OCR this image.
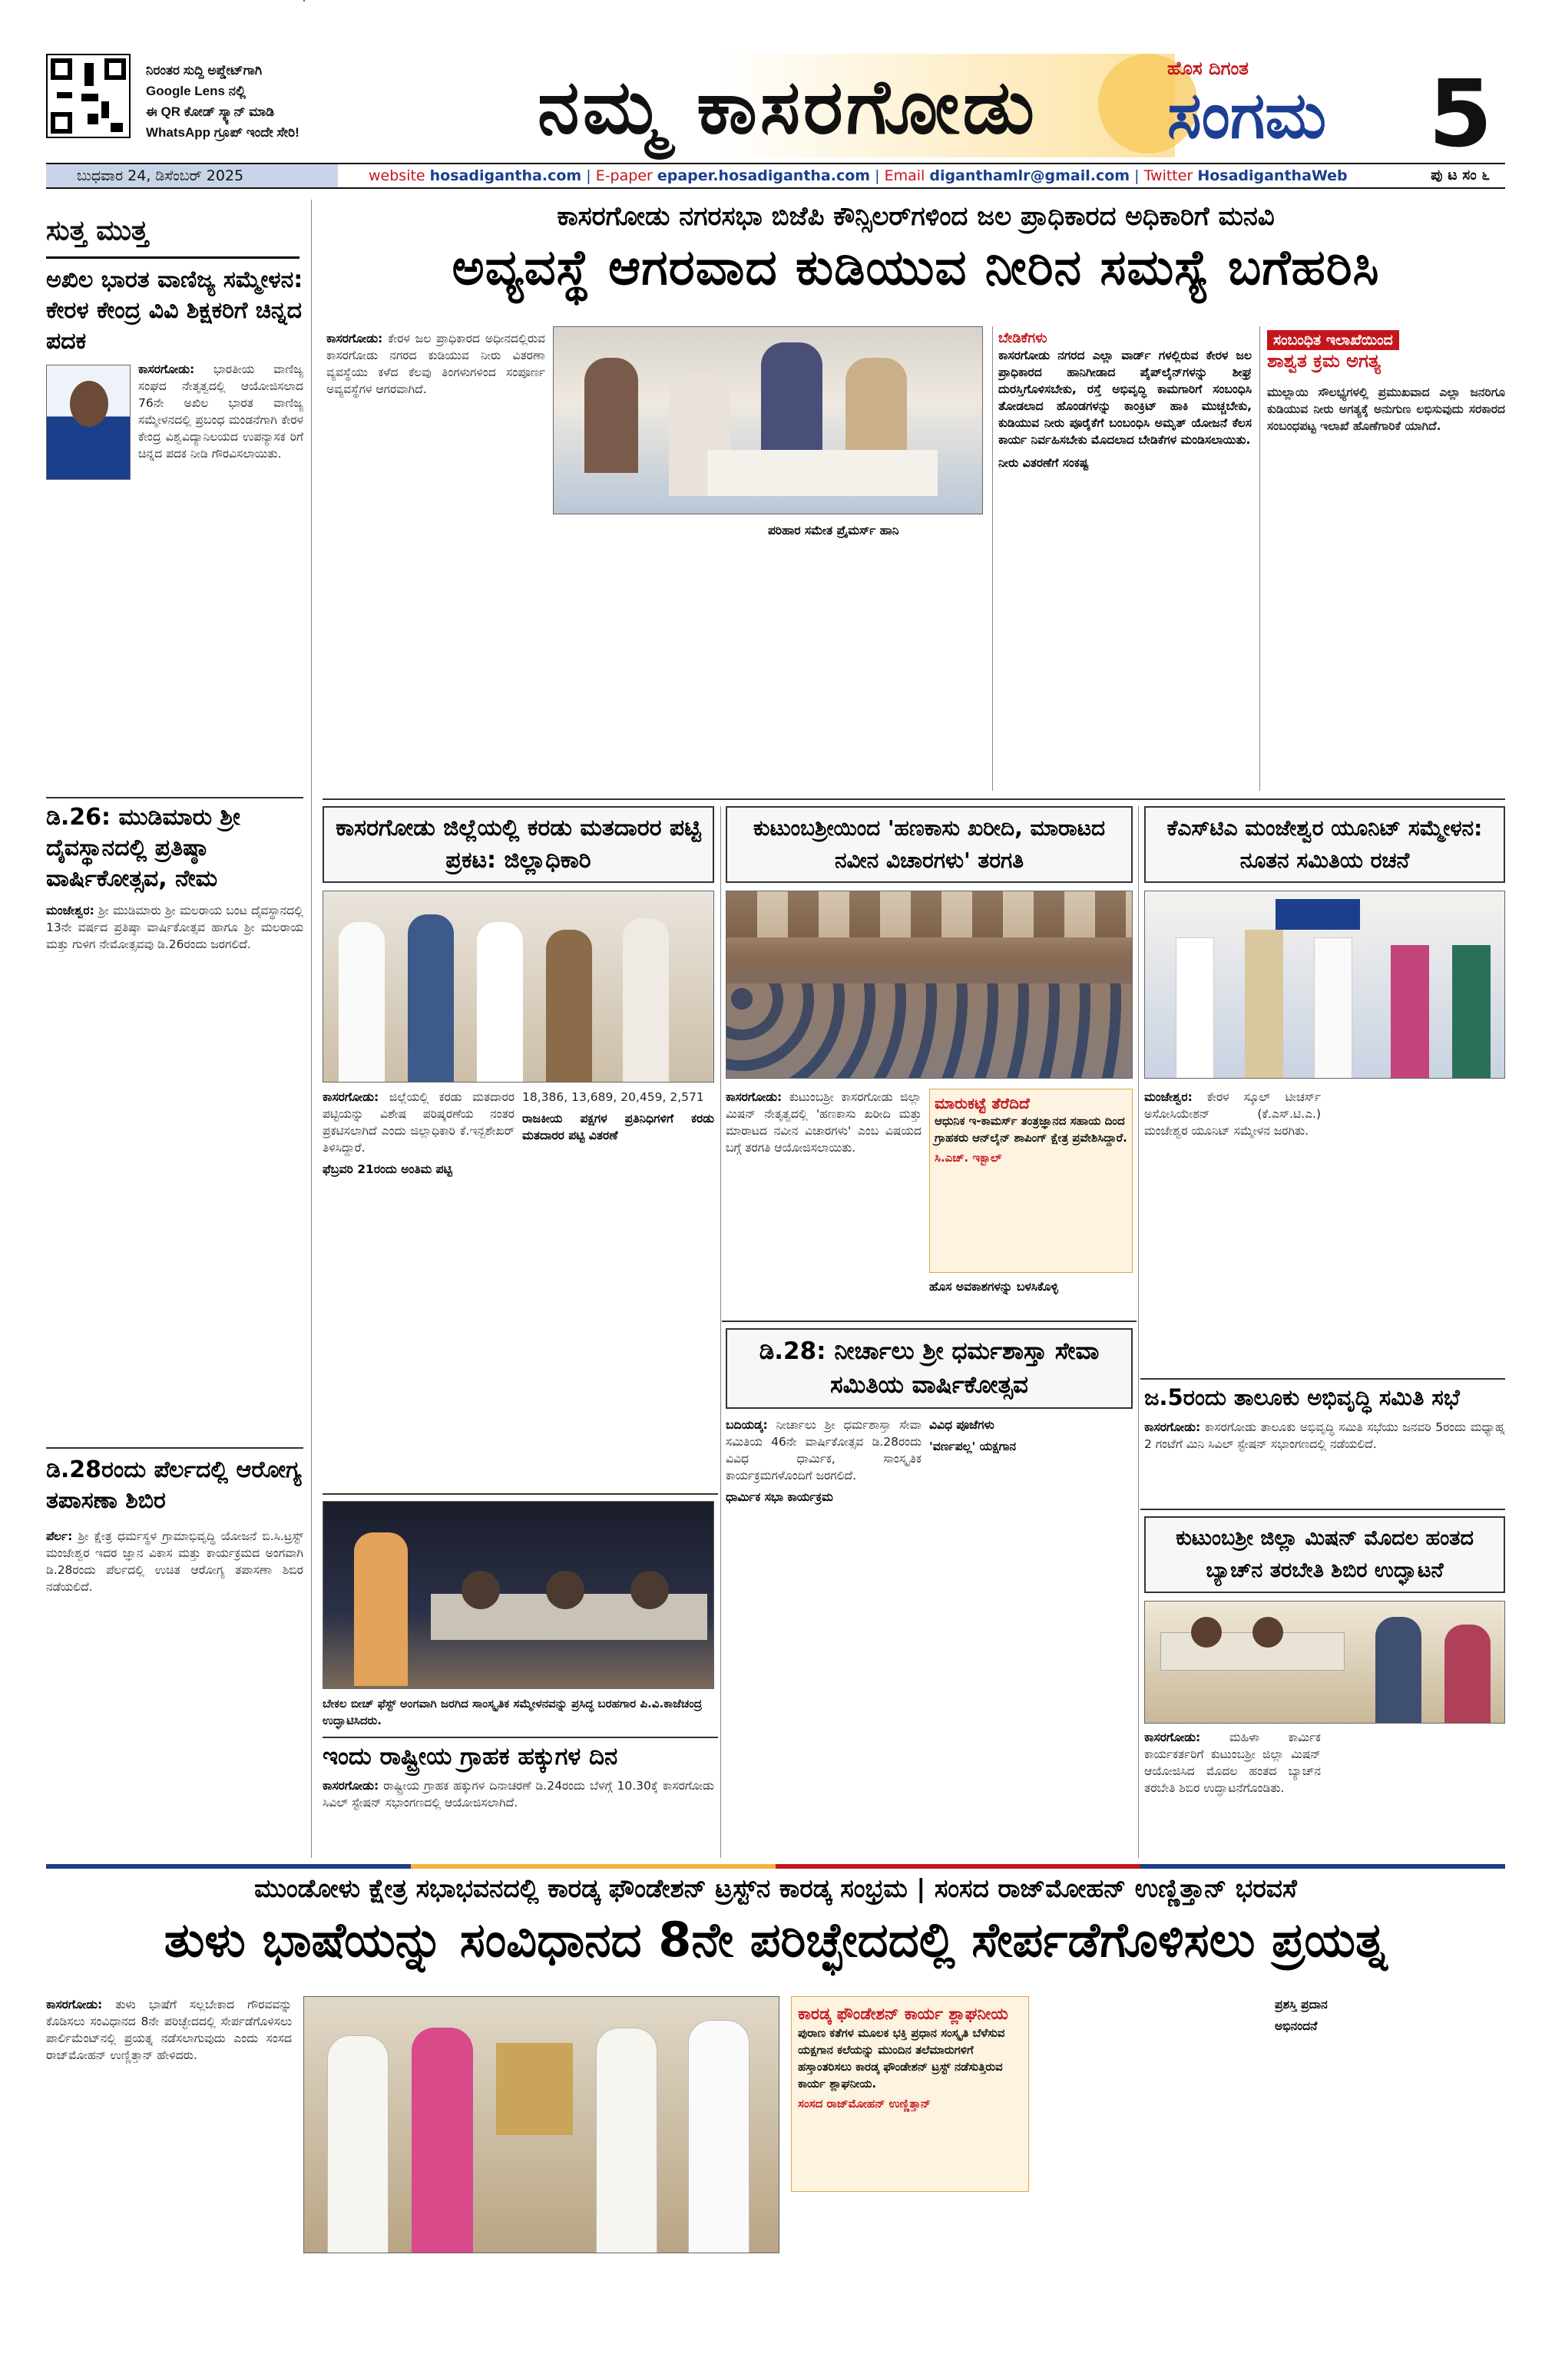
ನಿರಂತರ ಸುದ್ದಿ ಅಪ್ಡೇಟ್‌ಗಾಗಿ
Google Lens ನಲ್ಲಿ
ಈ QR ಕೋಡ್ ಸ್ಕ್ಯಾನ್ ಮಾಡಿ
WhatsApp ಗ್ರೂಪ್ ಇಂದೇ ಸೇರಿ!	ನಮ್ಮ ಕಾಸರಗೋಡು	ಹೊಸ ದಿಗಂತ
ಸಂಗಮ 5
ಬುಧವಾರ 24, ಡಿಸೆಂಬರ್ 2025	website hosadigantha.com | E-paper epaper.hosadigantha.com | Email diganthamlr@gmail.com | Twitter HosadiganthaWeb	ಪು ಟ ಸಂ ೬
ಸುತ್ತ ಮುತ್ತ
ಅಖಿಲ ಭಾರತ ವಾಣಿಜ್ಯ ಸಮ್ಮೇಳನ: ಕೇರಳ ಕೇಂದ್ರ ವಿವಿ ಶಿಕ್ಷಕರಿಗೆ ಚಿನ್ನದ ಪದಕ
ಕಾಸರಗೋಡು: ಭಾರತೀಯ ವಾಣಿಜ್ಯ ಸಂಘದ ನೇತೃತ್ವದಲ್ಲಿ ಆಯೋಜಿಸಲಾದ 76ನೇ ಅಖಿಲ ಭಾರತ ವಾಣಿಜ್ಯ ಸಮ್ಮೇಳನದಲ್ಲಿ ಪ್ರಬಂಧ ಮಂಡನೆಗಾಗಿ ಕೇರಳ ಕೇಂದ್ರ ವಿಶ್ವವಿದ್ಯಾನಿಲಯದ ಉಪನ್ಯಾಸಕ ರಿಗೆ ಚಿನ್ನದ ಪದಕ ನೀಡಿ ಗೌರವಿಸಲಾಯಿತು.
ಡಿ.26: ಮುಡಿಮಾರು ಶ್ರೀ ದೈವಸ್ಥಾನದಲ್ಲಿ ಪ್ರತಿಷ್ಠಾ ವಾರ್ಷಿಕೋತ್ಸವ, ನೇಮ
ಮಂಜೇಶ್ವರ: ಶ್ರೀ ಮುಡಿಮಾರು ಶ್ರೀ ಮಲರಾಯ ಬಂಟ ದೈವಸ್ಥಾನದಲ್ಲಿ 13ನೇ ವರ್ಷದ ಪ್ರತಿಷ್ಠಾ ವಾರ್ಷಿಕೋತ್ಸವ ಹಾಗೂ ಶ್ರೀ ಮಲರಾಯ ಮತ್ತು ಗುಳಿಗ ನೇಮೋತ್ಸವವು ಡಿ.26ರಂದು ಜರಗಲಿದೆ.
ಡಿ.28ರಂದು ಪೆರ್ಲದಲ್ಲಿ ಆರೋಗ್ಯ ತಪಾಸಣಾ ಶಿಬಿರ
ಪೆರ್ಲ: ಶ್ರೀ ಕ್ಷೇತ್ರ ಧರ್ಮಸ್ಥಳ ಗ್ರಾಮಾಭಿವೃದ್ಧಿ ಯೋಜನೆ ಬಿ.ಸಿ.ಟ್ರಸ್ಟ್ ಮಂಜೇಶ್ವರ ಇದರ ಜ್ಞಾನ ವಿಕಾಸ ಮತ್ತು ಕಾರ್ಯಕ್ರಮದ ಅಂಗವಾಗಿ ಡಿ.28ರಂದು ಪೆರ್ಲದಲ್ಲಿ ಉಚಿತ ಆರೋಗ್ಯ ತಪಾಸಣಾ ಶಿಬಿರ ನಡೆಯಲಿದೆ.
ಕಾಸರಗೋಡು ನಗರಸಭಾ ಬಿಜೆಪಿ ಕೌನ್ಸಿಲರ್‌ಗಳಿಂದ ಜಲ ಪ್ರಾಧಿಕಾರದ ಅಧಿಕಾರಿಗೆ ಮನವಿ
ಅವ್ಯವಸ್ಥೆ ಆಗರವಾದ ಕುಡಿಯುವ ನೀರಿನ ಸಮಸ್ಯೆ ಬಗೆಹರಿಸಿ
ಕಾಸರಗೋಡು: ಕೇರಳ ಜಲ ಪ್ರಾಧಿಕಾರದ ಅಧೀನದಲ್ಲಿರುವ ಕಾಸರಗೋಡು ನಗರದ ಕುಡಿಯುವ ನೀರು ವಿತರಣಾ ವ್ಯವಸ್ಥೆಯು ಕಳೆದ ಕೆಲವು ತಿಂಗಳುಗಳಿಂದ ಸಂಪೂರ್ಣ ಅವ್ಯವಸ್ಥೆಗಳ ಆಗರವಾಗಿದೆ.
ಪರಿಹಾರ ಸಮೇತ ಪ್ರೈಮರ್ಸ್ ಹಾನಿ

ಬೇಡಿಕೆಗಳು
ಕಾಸರಗೋಡು ನಗರದ ಎಲ್ಲಾ ವಾರ್ಡ್ ಗಳಲ್ಲಿರುವ ಕೇರಳ ಜಲ ಪ್ರಾಧಿಕಾರದ ಹಾನಿಗೀಡಾದ ಪೈಪ್‌ಲೈನ್‌ಗಳನ್ನು ಶೀಘ್ರ ದುರಸ್ತಿಗೊಳಿಸಬೇಕು, ರಸ್ತೆ ಅಭಿವೃದ್ಧಿ ಕಾಮಗಾರಿಗೆ ಸಂಬಂಧಿಸಿ ತೋಡಲಾದ ಹೊಂಡಗಳನ್ನು ಕಾಂಕ್ರಿಟ್ ಹಾಕಿ ಮುಚ್ಚಬೇಕು, ಕುಡಿಯುವ ನೀರು ಪೂರೈಕೆಗೆ ಬಂಬಂಧಿಸಿ ಅಮೃತ್ ಯೋಜನೆ ಕೆಲಸ ಕಾರ್ಯ ನಿರ್ವಹಿಸಬೇಕು ಮೊದಲಾದ ಬೇಡಿಕೆಗಳ ಮಂಡಿಸಲಾಯಿತು.
ನೀರು ವಿತರಣೆಗೆ ಸಂಕಷ್ಟ
ಸಂಬಂಧಿತ ಇಲಾಖೆಯಿಂದ
ಶಾಶ್ವತ ಕ್ರಮ ಅಗತ್ಯ
ಮುಲ್ಲಾಯಿ ಸೌಲಭ್ಯಗಳಲ್ಲಿ ಪ್ರಮುಖವಾದ ಎಲ್ಲಾ ಜನರಿಗೂ ಕುಡಿಯುವ ನೀರು ಅಗತ್ಯಕ್ಕೆ ಅನುಗುಣ ಲಭಿಸುವುದು ಸರಕಾರದ ಸಂಬಂಧಪಟ್ಟ ಇಲಾಖೆ ಹೊಣೆಗಾರಿಕೆ ಯಾಗಿದೆ.
ಕಾಸರಗೋಡು ಜಿಲ್ಲೆಯಲ್ಲಿ ಕರಡು ಮತದಾರರ ಪಟ್ಟಿ ಪ್ರಕಟ: ಜಿಲ್ಲಾಧಿಕಾರಿ
ಕಾಸರಗೋಡು: ಜಿಲ್ಲೆಯಲ್ಲಿ ಕರಡು ಮತದಾರರ ಪಟ್ಟಿಯನ್ನು ವಿಶೇಷ ಪರಿಷ್ಕರಣೆಯ ನಂತರ ಪ್ರಕಟಿಸಲಾಗಿದೆ ಎಂದು ಜಿಲ್ಲಾಧಿಕಾರಿ ಕೆ.ಇನ್ಬಶೇಖರ್ ತಿಳಿಸಿದ್ದಾರೆ.
ಫೆಬ್ರವರಿ 21ರಂದು ಅಂತಿಮ ಪಟ್ಟಿ
18,386, 13,689, 20,459, 2,571
ರಾಜಕೀಯ ಪಕ್ಷಗಳ ಪ್ರತಿನಿಧಿಗಳಿಗೆ ಕರಡು ಮತದಾರರ ಪಟ್ಟಿ ವಿತರಣೆ
ಕುಟುಂಬಶ್ರೀಯಿಂದ 'ಹಣಕಾಸು ಖರೀದಿ, ಮಾರಾಟದ ನವೀನ ವಿಚಾರಗಳು' ತರಗತಿ
ಕಾಸರಗೋಡು: ಕುಟುಂಬಶ್ರೀ ಕಾಸರಗೋಡು ಜಿಲ್ಲಾ ಮಿಷನ್ ನೇತೃತ್ವದಲ್ಲಿ 'ಹಣಕಾಸು ಖರೀದಿ ಮತ್ತು ಮಾರಾಟದ ನವೀನ ವಿಚಾರಗಳು' ಎಂಬ ವಿಷಯದ ಬಗ್ಗೆ ತರಗತಿ ಆಯೋಜಿಸಲಾಯಿತು.
ಮಾರುಕಟ್ಟೆ ತೆರೆದಿದೆ
ಆಧುನಿಕ ಇ-ಕಾಮರ್ಸ್ ತಂತ್ರಜ್ಞಾನದ ಸಹಾಯ ದಿಂದ ಗ್ರಾಹಕರು ಆನ್‌ಲೈನ್ ಶಾಪಿಂಗ್ ಕ್ಷೇತ್ರ ಪ್ರವೇಶಿಸಿದ್ದಾರೆ.
ಸಿ.ಎಚ್. ಇಕ್ಬಾಲ್
ಹೊಸ ಅವಕಾಶಗಳನ್ನು ಬಳಸಿಕೊಳ್ಳಿ
ಕೆಎಸ್‌ಟಿಎ ಮಂಜೇಶ್ವರ ಯೂನಿಟ್ ಸಮ್ಮೇಳನ: ನೂತನ ಸಮಿತಿಯ ರಚನೆ
ಮಂಜೇಶ್ವರ: ಕೇರಳ ಸ್ಕೂಲ್ ಟೀಚರ್ಸ್ ಅಸೋಸಿಯೇಶನ್ (ಕೆ.ಎಸ್.ಟಿ.ಎ.) ಮಂಜೇಶ್ವರ ಯೂನಿಟ್ ಸಮ್ಮೇಳನ ಜರಗಿತು.
ಡಿ.28: ನೀರ್ಚಾಲು ಶ್ರೀ ಧರ್ಮಶಾಸ್ತಾ ಸೇವಾ ಸಮಿತಿಯ ವಾರ್ಷಿಕೋತ್ಸವ
ಬದಿಯಡ್ಕ: ನೀರ್ಚಾಲು ಶ್ರೀ ಧರ್ಮಶಾಸ್ತಾ ಸೇವಾ ಸಮಿತಿಯ 46ನೇ ವಾರ್ಷಿಕೋತ್ಸವ ಡಿ.28ರಂದು ವಿವಿಧ ಧಾರ್ಮಿಕ, ಸಾಂಸ್ಕೃತಿಕ ಕಾರ್ಯಕ್ರಮಗಳೊಂದಿಗೆ ಜರಗಲಿದೆ.
ಧಾರ್ಮಿಕ ಸಭಾ ಕಾರ್ಯಕ್ರಮ
ವಿವಿಧ ಪೂಜೆಗಳು

'ವರ್ಣಪಲ್ಲ' ಯಕ್ಷಗಾನ
ಬೇಕಲ ಬೀಚ್ ಫೆಸ್ಟ್ ಅಂಗವಾಗಿ ಜರಗಿದ ಸಾಂಸ್ಕೃತಿಕ ಸಮ್ಮೇಳನವನ್ನು ಪ್ರಸಿದ್ಧ ಬರಹಗಾರ ಪಿ.ವಿ.ಕಾಜೆಚಂದ್ರ ಉದ್ಘಾಟಿಸಿದರು.
ಇಂದು ರಾಷ್ಟ್ರೀಯ ಗ್ರಾಹಕ ಹಕ್ಕುಗಳ ದಿನ
ಕಾಸರಗೋಡು: ರಾಷ್ಟ್ರೀಯ ಗ್ರಾಹಕ ಹಕ್ಕುಗಳ ದಿನಾಚರಣೆ ಡಿ.24ರಂದು ಬೆಳಗ್ಗೆ 10.30ಕ್ಕೆ ಕಾಸರಗೋಡು ಸಿವಿಲ್ ಸ್ಟೇಷನ್ ಸಭಾಂಗಣದಲ್ಲಿ ಆಯೋಜಿಸಲಾಗಿದೆ.
ಜ.5ರಂದು ತಾಲೂಕು ಅಭಿವೃದ್ಧಿ ಸಮಿತಿ ಸಭೆ
ಕಾಸರಗೋಡು: ಕಾಸರಗೋಡು ತಾಲೂಕು ಅಭಿವೃದ್ಧಿ ಸಮಿತಿ ಸಭೆಯು ಜನವರಿ 5ರಂದು ಮಧ್ಯಾಹ್ನ 2 ಗಂಟೆಗೆ ಮಿನಿ ಸಿವಿಲ್ ಸ್ಟೇಷನ್ ಸಭಾಂಗಣದಲ್ಲಿ ನಡೆಯಲಿದೆ.
ಕುಟುಂಬಶ್ರೀ ಜಿಲ್ಲಾ ಮಿಷನ್ ಮೊದಲ ಹಂತದ ಬ್ಯಾಚ್‌ನ ತರಬೇತಿ ಶಿಬಿರ ಉದ್ಘಾಟನೆ
ಕಾಸರಗೋಡು: ಮಹಿಳಾ ಕಾರ್ಮಿಕ ಕಾರ್ಯಕರ್ತರಿಗೆ ಕುಟುಂಬಶ್ರೀ ಜಿಲ್ಲಾ ಮಿಷನ್ ಆಯೋಜಿಸಿದ ಮೊದಲ ಹಂತದ ಬ್ಯಾಚ್‌ನ ತರಬೇತಿ ಶಿಬಿರ ಉದ್ಘಾಟನೆಗೊಂಡಿತು.
ಮುಂಡೋಳು ಕ್ಷೇತ್ರ ಸಭಾಭವನದಲ್ಲಿ ಕಾರಡ್ಕ ಫೌಂಡೇಶನ್ ಟ್ರಸ್ಟ್‌ನ ಕಾರಡ್ಕ ಸಂಭ್ರಮ | ಸಂಸದ ರಾಜ್‌ಮೋಹನ್ ಉಣ್ಣಿತ್ತಾನ್ ಭರವಸೆ
ತುಳು ಭಾಷೆಯನ್ನು ಸಂವಿಧಾನದ 8ನೇ ಪರಿಚ್ಛೇದದಲ್ಲಿ ಸೇರ್ಪಡೆಗೊಳಿಸಲು ಪ್ರಯತ್ನ
ಕಾಸರಗೋಡು: ತುಳು ಭಾಷೆಗೆ ಸಲ್ಲಬೇಕಾದ ಗೌರವವನ್ನು ಕೊಡಿಸಲು ಸಂವಿಧಾನದ 8ನೇ ಪರಿಚ್ಛೇದದಲ್ಲಿ ಸೇರ್ಪಡೆಗೊಳಿಸಲು ಪಾರ್ಲಿಮೆಂಟ್‌ನಲ್ಲಿ ಪ್ರಯತ್ನ ನಡೆಸಲಾಗುವುದು ಎಂದು ಸಂಸದ ರಾಜ್‌ಮೋಹನ್ ಉಣ್ಣಿತ್ತಾನ್ ಹೇಳಿದರು.
ಕಾರಡ್ಕ ಫೌಂಡೇಶನ್ ಕಾರ್ಯ ಶ್ಲಾಘನೀಯ
ಪುರಾಣ ಕತೆಗಳ ಮೂಲಕ ಭಕ್ತಿ ಪ್ರಧಾನ ಸಂಸ್ಕೃತಿ ಬೆಳೆಸುವ ಯಕ್ಷಗಾನ ಕಲೆಯನ್ನು ಮುಂದಿನ ತಲೆಮಾರುಗಳಿಗೆ ಹಸ್ತಾಂತರಿಸಲು ಕಾರಡ್ಕ ಫೌಂಡೇಶನ್ ಟ್ರಸ್ಟ್ ನಡೆಸುತ್ತಿರುವ ಕಾರ್ಯ ಶ್ಲಾಘನೀಯ.
ಸಂಸದ ರಾಜ್‌ಮೋಹನ್ ಉಣ್ಣಿತ್ತಾನ್
ಪ್ರಶಸ್ತಿ ಪ್ರದಾನ

ಅಭಿನಂದನೆ
